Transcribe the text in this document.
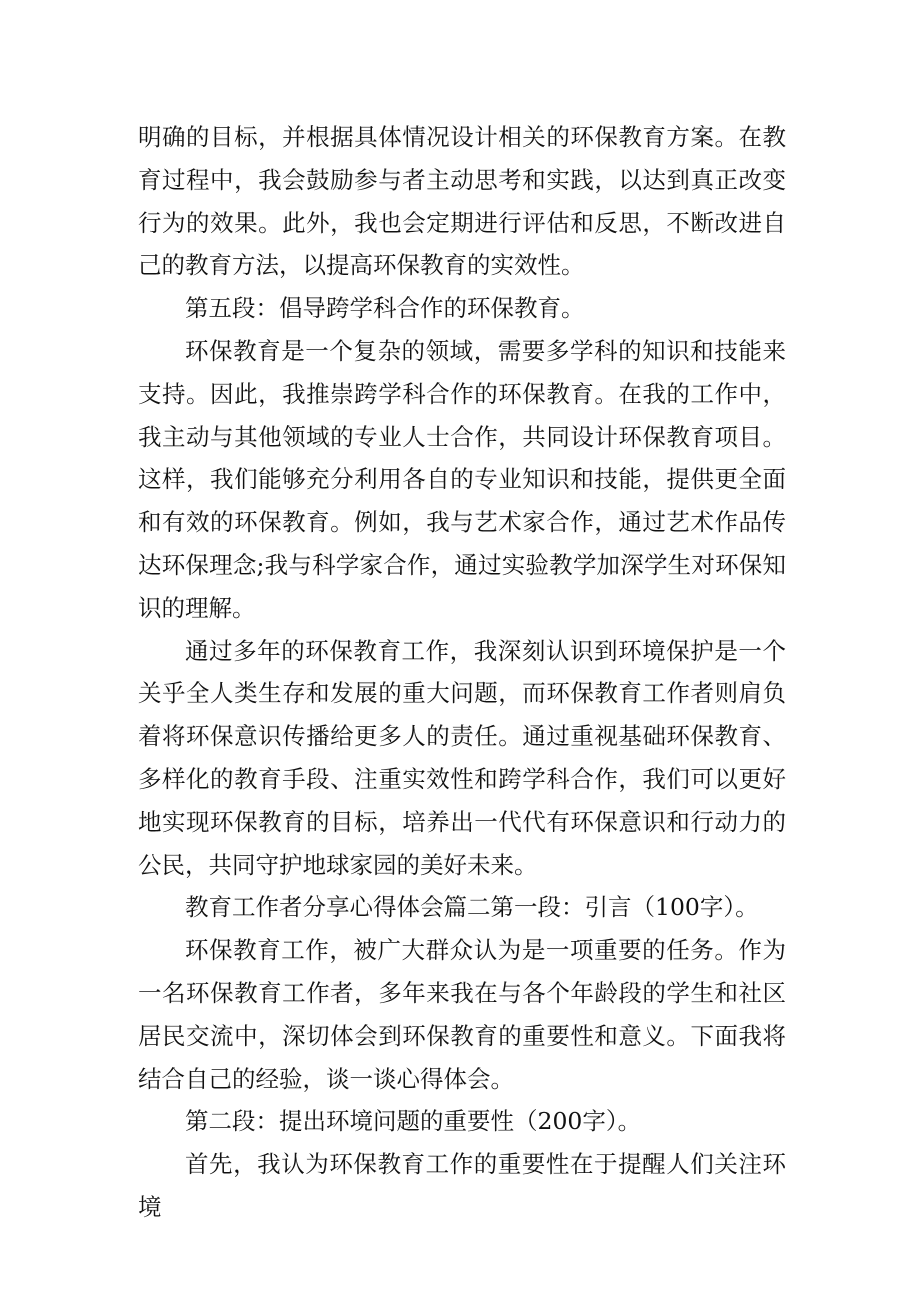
明确的目标，并根据具体情况设计相关的环保教育方案。在教育过程中，我会鼓励参与者主动思考和实践，以达到真正改变行为的效果。此外，我也会定期进行评估和反思，不断改进自己的教育方法，以提高环保教育的实效性。

第五段：倡导跨学科合作的环保教育。

环保教育是一个复杂的领域，需要多学科的知识和技能来支持。因此，我推崇跨学科合作的环保教育。在我的工作中，我主动与其他领域的专业人士合作，共同设计环保教育项目。这样，我们能够充分利用各自的专业知识和技能，提供更全面和有效的环保教育。例如，我与艺术家合作，通过艺术作品传达环保理念;我与科学家合作，通过实验教学加深学生对环保知识的理解。

通过多年的环保教育工作，我深刻认识到环境保护是一个关乎全人类生存和发展的重大问题，而环保教育工作者则肩负着将环保意识传播给更多人的责任。通过重视基础环保教育、多样化的教育手段、注重实效性和跨学科合作，我们可以更好地实现环保教育的目标，培养出一代代有环保意识和行动力的公民，共同守护地球家园的美好未来。

教育工作者分享心得体会篇二第一段：引言（100字）。

环保教育工作，被广大群众认为是一项重要的任务。作为一名环保教育工作者，多年来我在与各个年龄段的学生和社区居民交流中，深切体会到环保教育的重要性和意义。下面我将结合自己的经验，谈一谈心得体会。

第二段：提出环境问题的重要性（200字）。

首先，我认为环保教育工作的重要性在于提醒人们关注环境
